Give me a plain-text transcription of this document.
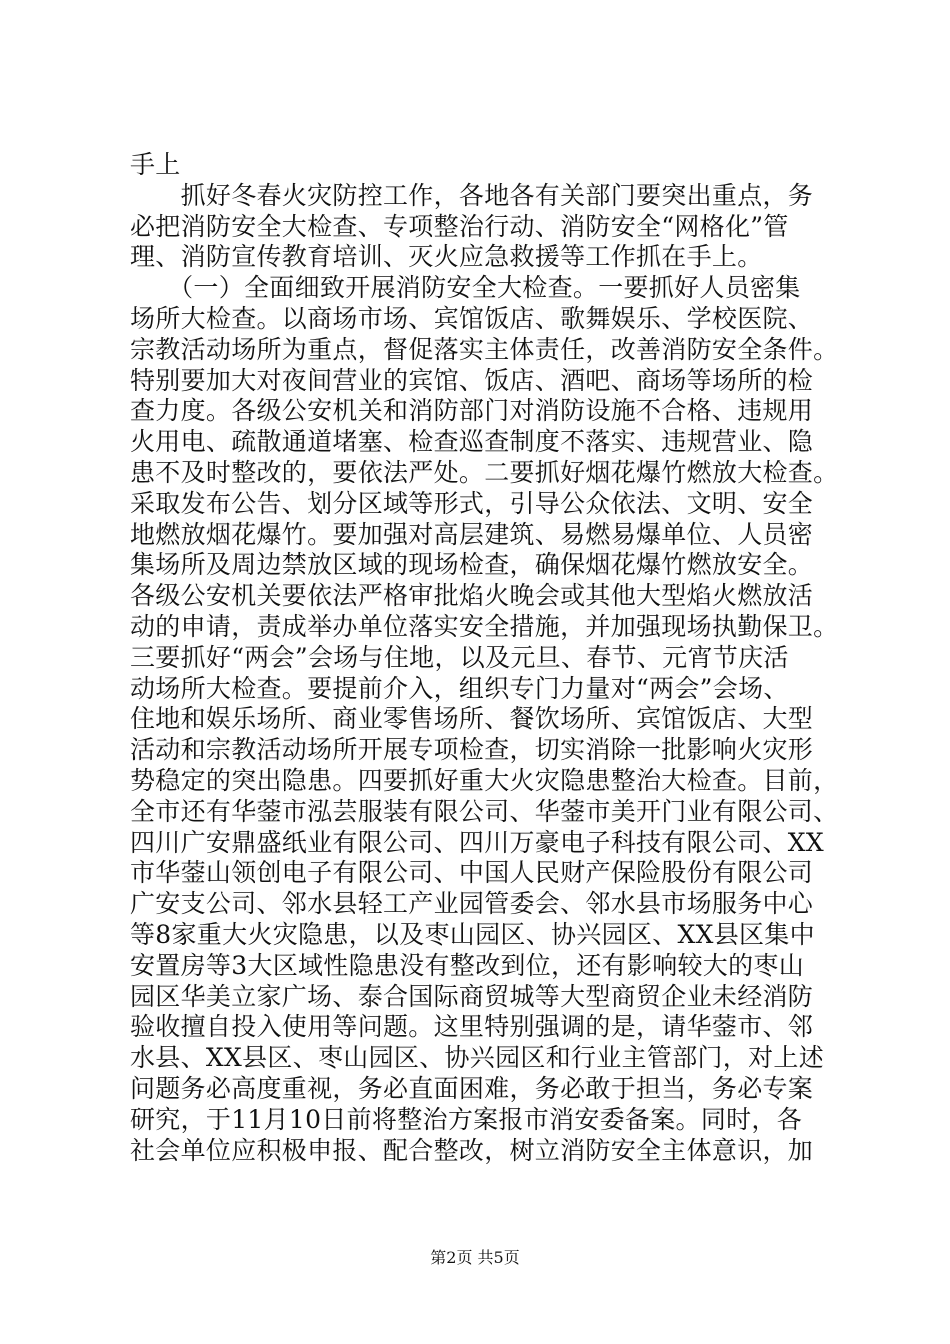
手上
　　抓好冬春火灾防控工作，各地各有关部门要突出重点，务
必把消防安全大检查、专项整治行动、消防安全“网格化”管
理、消防宣传教育培训、灭火应急救援等工作抓在手上。
　　（一）全面细致开展消防安全大检查。一要抓好人员密集
场所大检查。以商场市场、宾馆饭店、歌舞娱乐、学校医院、
宗教活动场所为重点，督促落实主体责任，改善消防安全条件。
特别要加大对夜间营业的宾馆、饭店、酒吧、商场等场所的检
查力度。各级公安机关和消防部门对消防设施不合格、违规用
火用电、疏散通道堵塞、检查巡查制度不落实、违规营业、隐
患不及时整改的，要依法严处。二要抓好烟花爆竹燃放大检查。
采取发布公告、划分区域等形式，引导公众依法、文明、安全
地燃放烟花爆竹。要加强对高层建筑、易燃易爆单位、人员密
集场所及周边禁放区域的现场检查，确保烟花爆竹燃放安全。
各级公安机关要依法严格审批焰火晚会或其他大型焰火燃放活
动的申请，责成举办单位落实安全措施，并加强现场执勤保卫。
三要抓好“两会”会场与住地，以及元旦、春节、元宵节庆活
动场所大检查。要提前介入，组织专门力量对“两会”会场、
住地和娱乐场所、商业零售场所、餐饮场所、宾馆饭店、大型
活动和宗教活动场所开展专项检查，切实消除一批影响火灾形
势稳定的突出隐患。四要抓好重大火灾隐患整治大检查。目前，
全市还有华蓥市泓芸服装有限公司、华蓥市美开门业有限公司、
四川广安鼎盛纸业有限公司、四川万豪电子科技有限公司、XX
市华蓥山领创电子有限公司、中国人民财产保险股份有限公司
广安支公司、邻水县轻工产业园管委会、邻水县市场服务中心
等8家重大火灾隐患，以及枣山园区、协兴园区、XX县区集中
安置房等3大区域性隐患没有整改到位，还有影响较大的枣山
园区华美立家广场、泰合国际商贸城等大型商贸企业未经消防
验收擅自投入使用等问题。这里特别强调的是，请华蓥市、邻
水县、XX县区、枣山园区、协兴园区和行业主管部门，对上述
问题务必高度重视，务必直面困难，务必敢于担当，务必专案
研究，于11月10日前将整治方案报市消安委备案。同时，各
社会单位应积极申报、配合整改，树立消防安全主体意识，加
第2页 共5页
